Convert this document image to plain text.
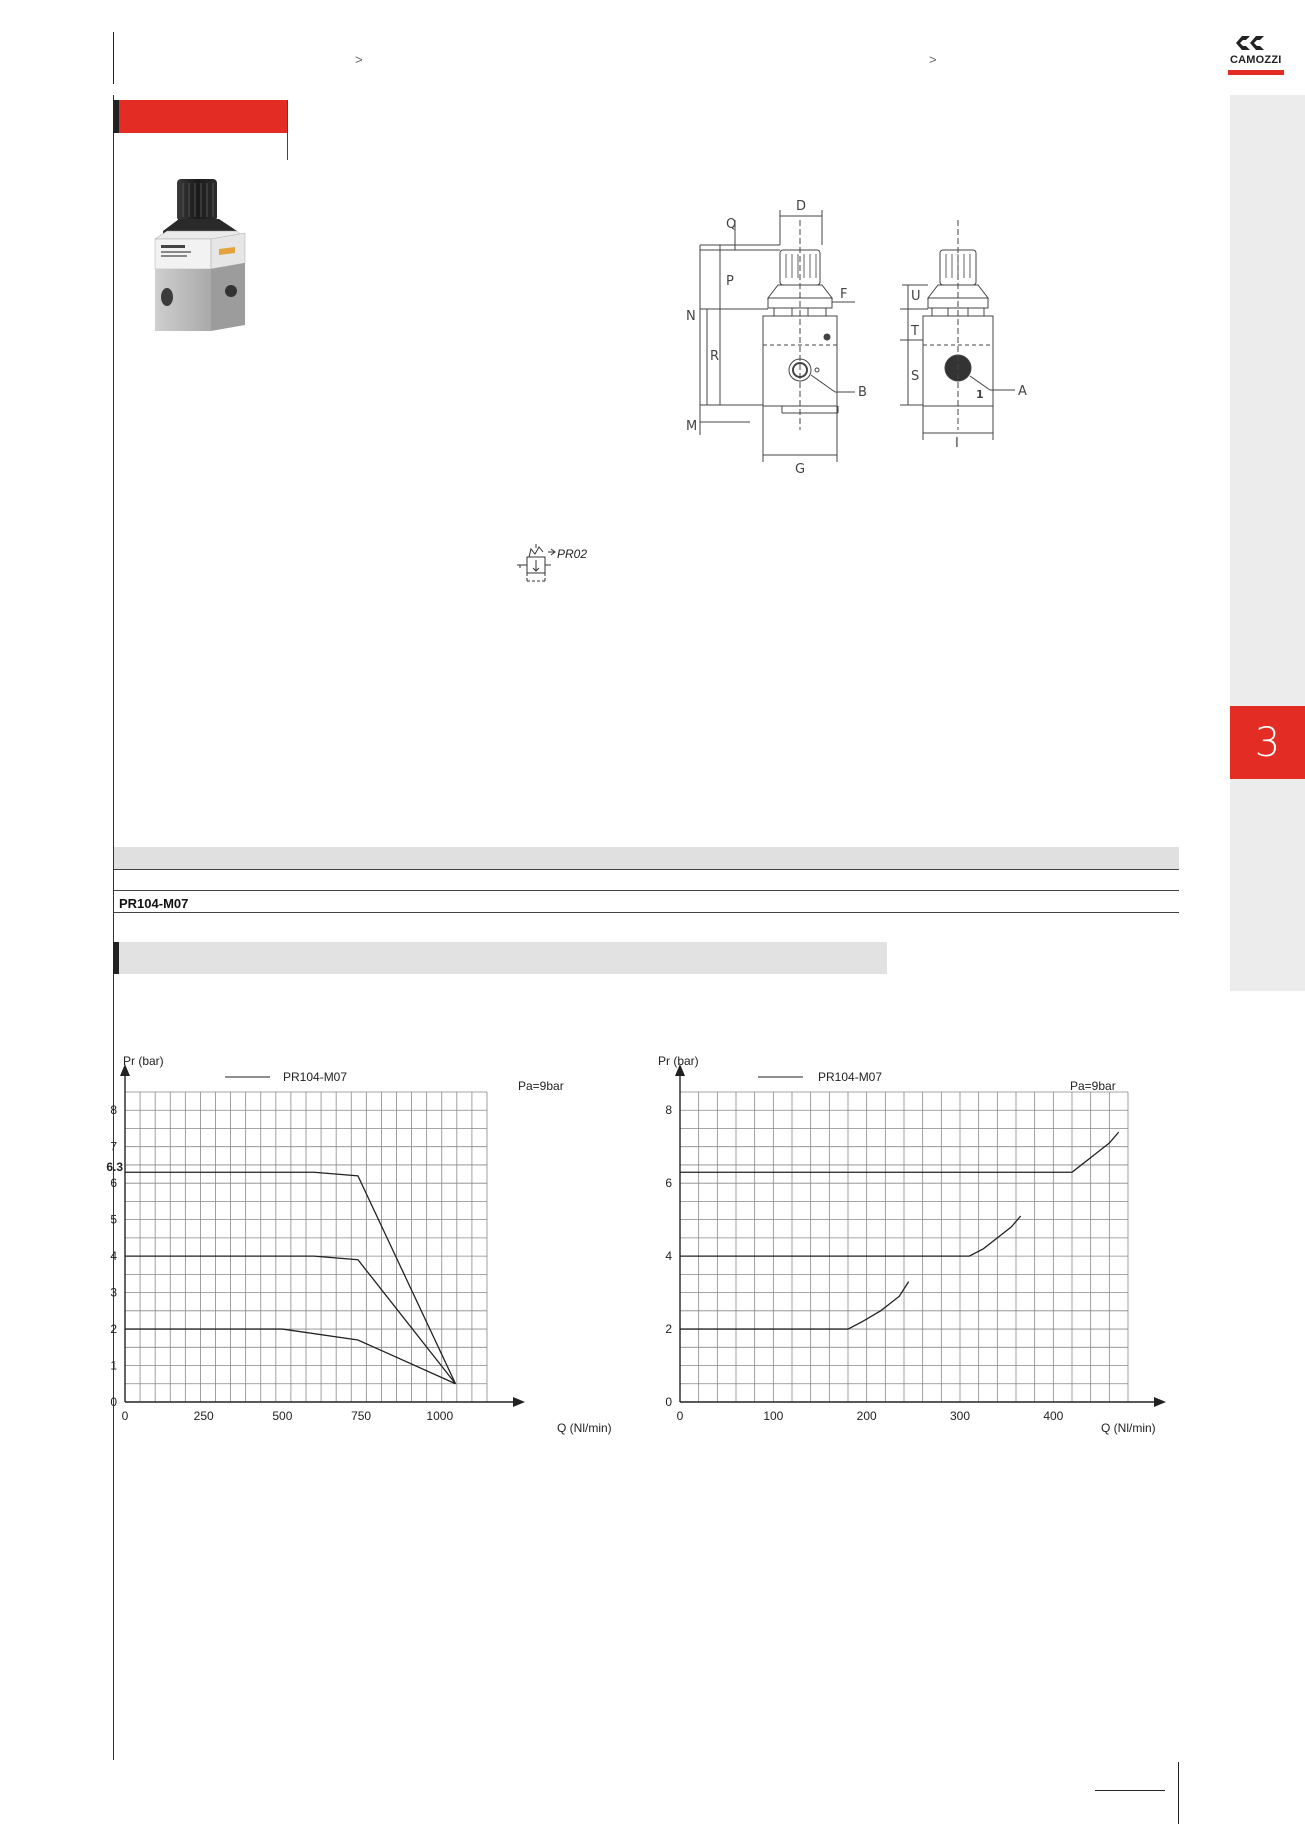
>	>	CAMOZZI
3
PR02
D
Q
P
F
N
R
B
M
G
U
T
S
A
I
1
PR104-M07
0	250	500	750	1000
0
1
2
3
4
5
6
7
8
6.3
Pr (bar)
PR104-M07
Pa=9bar
Q (Nl/min)
0	100	200	300	400
0
2
4
6
8
Pr (bar)
PR104-M07
Pa=9bar
Q (Nl/min)
